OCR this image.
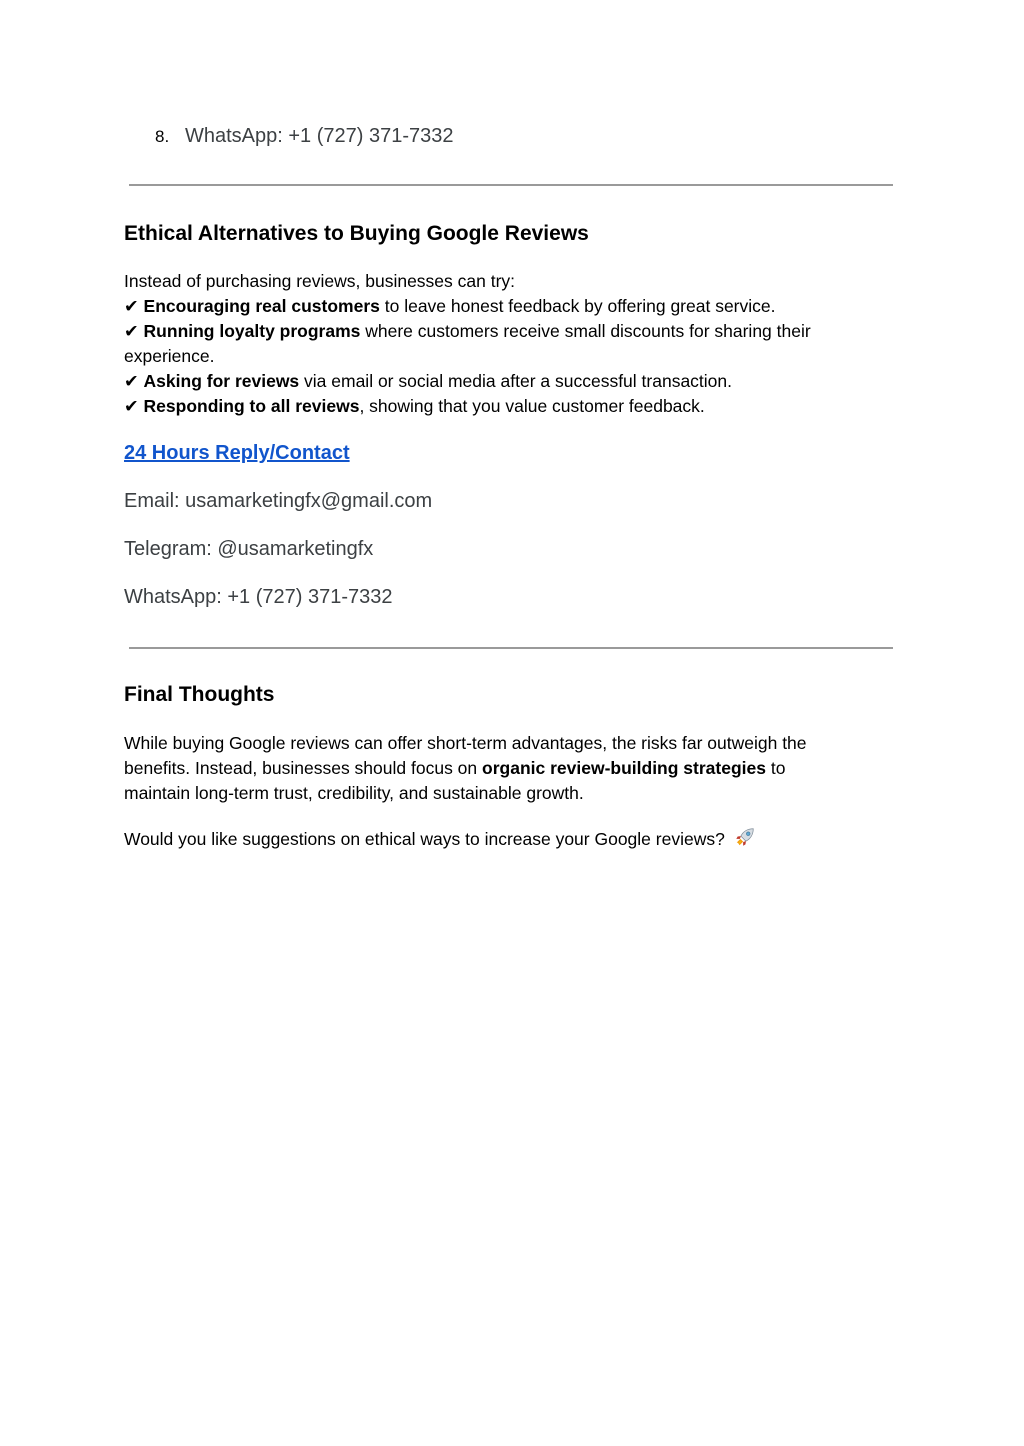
8. WhatsApp: +1 (727) 371-7332
Ethical Alternatives to Buying Google Reviews
Instead of purchasing reviews, businesses can try:
✔ Encouraging real customers to leave honest feedback by offering great service.
✔ Running loyalty programs where customers receive small discounts for sharing their
experience.
✔ Asking for reviews via email or social media after a successful transaction.
✔ Responding to all reviews, showing that you value customer feedback.
24 Hours Reply/Contact
Email: usamarketingfx@gmail.com
Telegram: @usamarketingfx
WhatsApp: +1 (727) 371-7332
Final Thoughts
While buying Google reviews can offer short-term advantages, the risks far outweigh the
benefits. Instead, businesses should focus on organic review-building strategies to
maintain long-term trust, credibility, and sustainable growth.
Would you like suggestions on ethical ways to increase your Google reviews?
